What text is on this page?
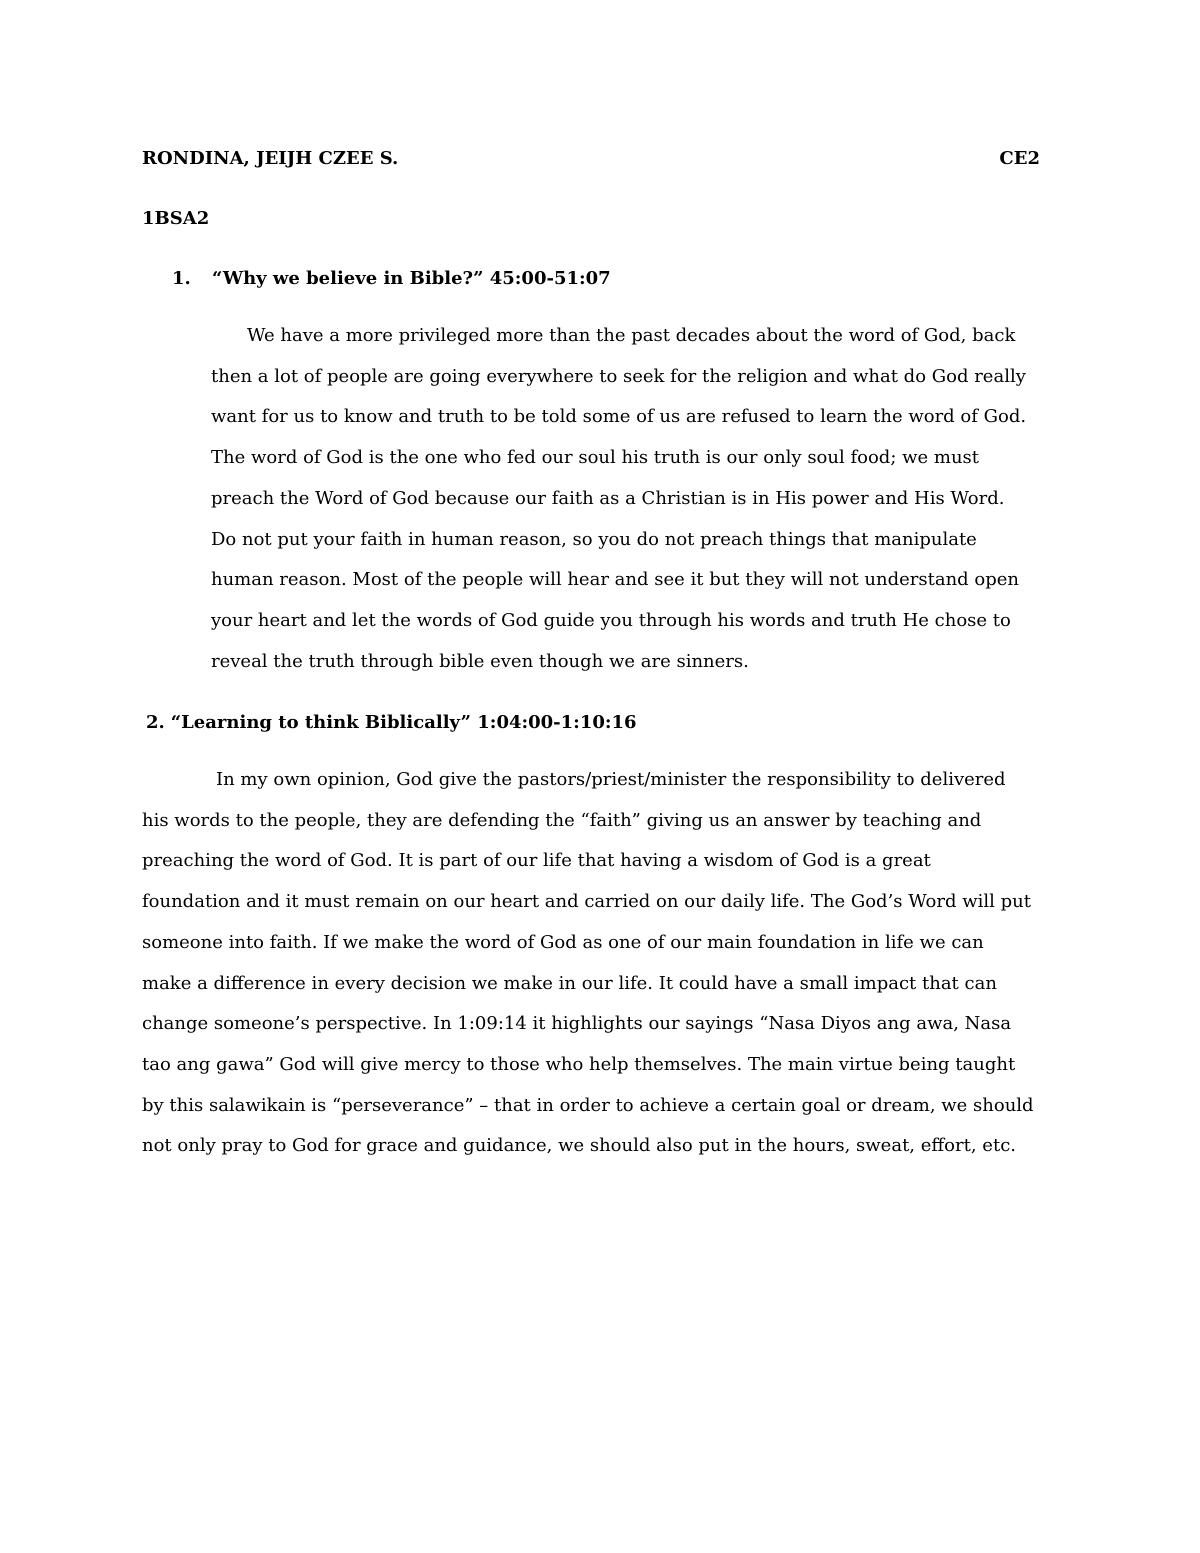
RONDINA, JEIJH CZEE S.	CE2
1BSA2
1. “Why we believe in Bible?” 45:00-51:07
We have a more privileged more than the past decades about the word of God, back
then a lot of people are going everywhere to seek for the religion and what do God really
want for us to know and truth to be told some of us are refused to learn the word of God.
The word of God is the one who fed our soul his truth is our only soul food; we must
preach the Word of God because our faith as a Christian is in His power and His Word.
Do not put your faith in human reason, so you do not preach things that manipulate
human reason. Most of the people will hear and see it but they will not understand open
your heart and let the words of God guide you through his words and truth He chose to
reveal the truth through bible even though we are sinners.
2. “Learning to think Biblically” 1:04:00-1:10:16
In my own opinion, God give the pastors/priest/minister the responsibility to delivered
his words to the people, they are defending the “faith” giving us an answer by teaching and
preaching the word of God. It is part of our life that having a wisdom of God is a great
foundation and it must remain on our heart and carried on our daily life. The God’s Word will put
someone into faith. If we make the word of God as one of our main foundation in life we can
make a difference in every decision we make in our life. It could have a small impact that can
change someone’s perspective. In 1:09:14 it highlights our sayings “Nasa Diyos ang awa, Nasa
tao ang gawa” God will give mercy to those who help themselves. The main virtue being taught
by this salawikain is “perseverance” – that in order to achieve a certain goal or dream, we should
not only pray to God for grace and guidance, we should also put in the hours, sweat, effort, etc.
